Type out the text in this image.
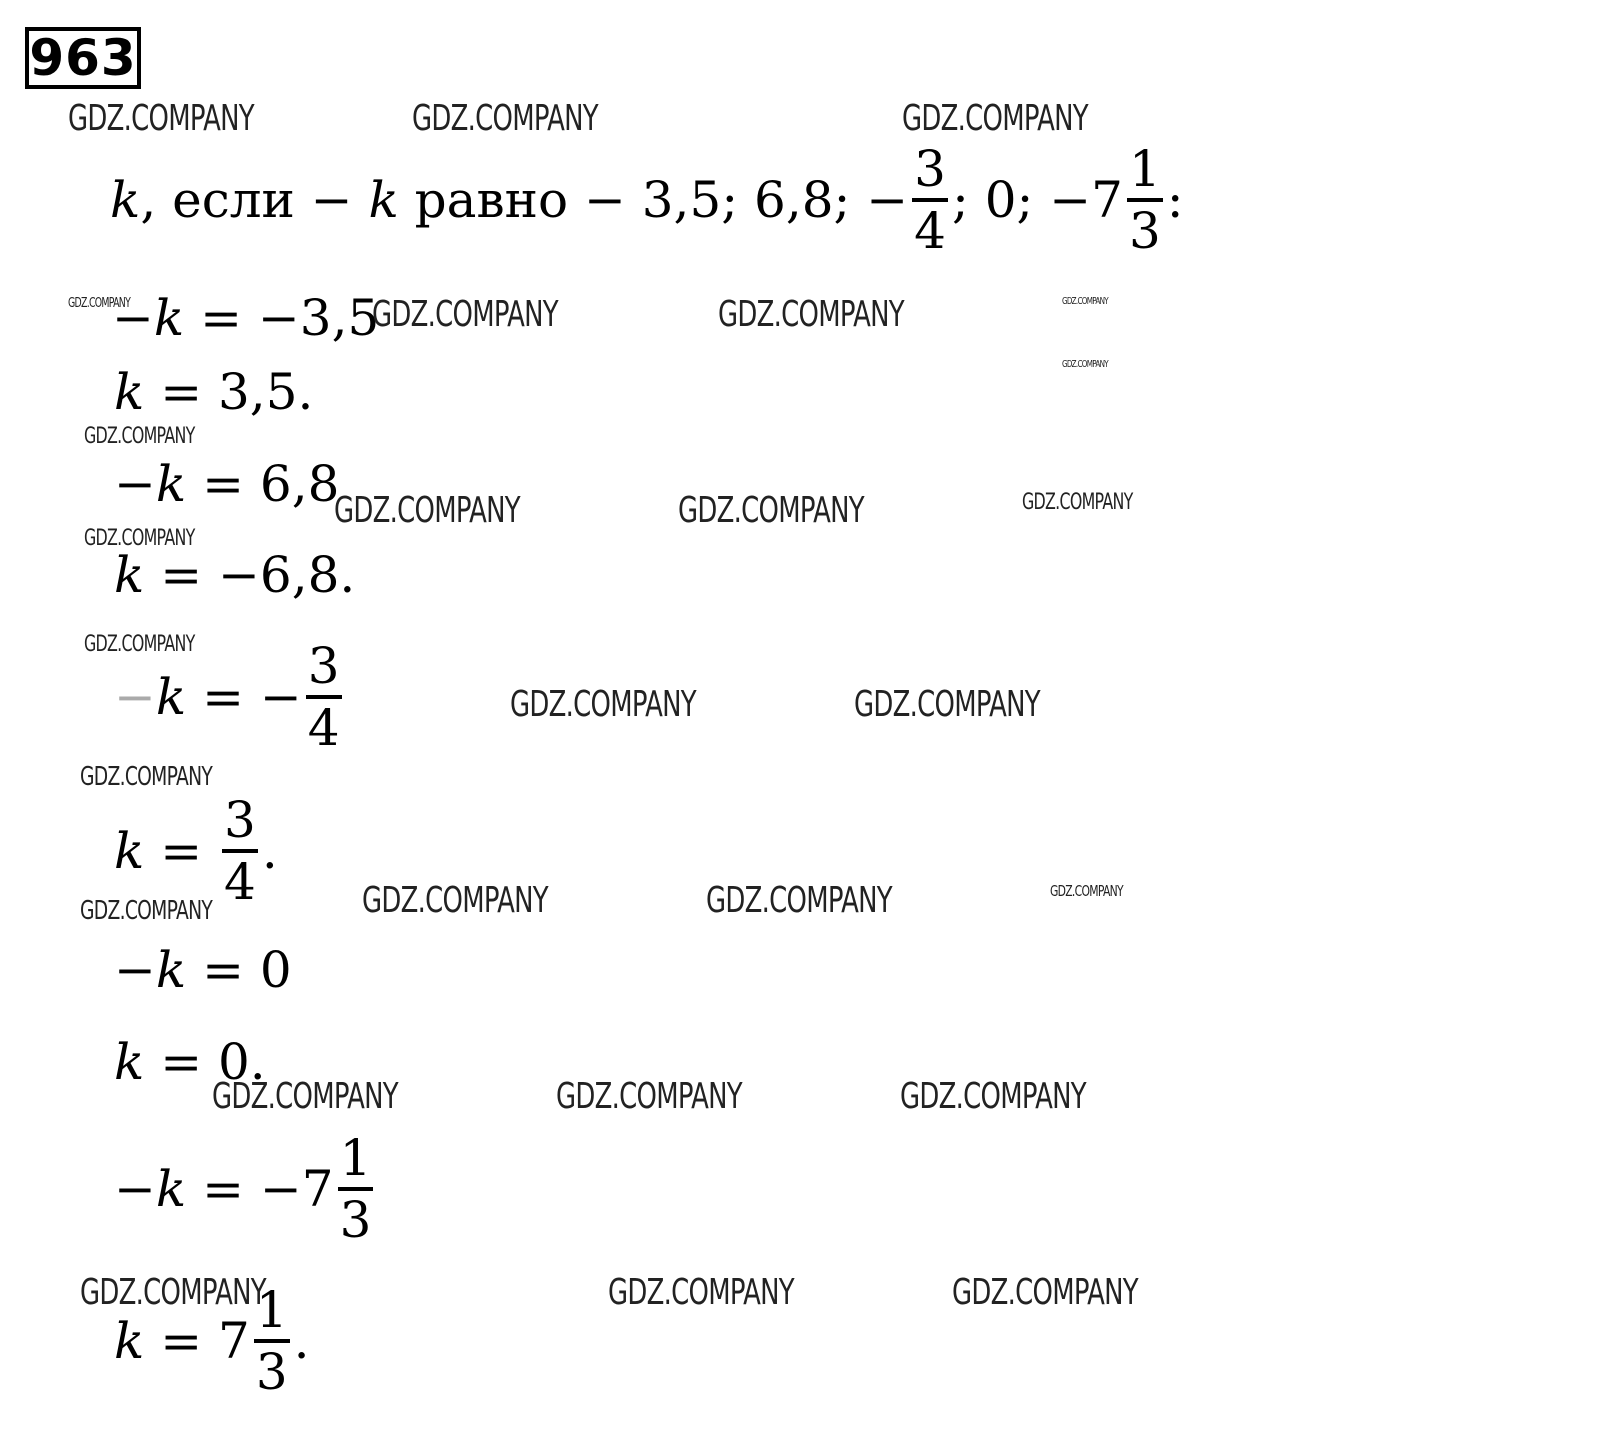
963
k , если − k равно − 3,5; 6,8; − $\frac{3}{4}$ ; 0; $-7 \frac{1}{3}$ :
− k = −3,5
k = 3,5.
− k = 6,8
k = −6,8.
− k = − $\frac{3}{4}$
$k = \frac{3}{4}$ .
− k = 0
k = 0.
− $k = -7 \frac{1}{3}$
$k = 7 \frac{1}{3}$ .
GDZ.COMPANY	GDZ.COMPANY	GDZ.COMPANY
GDZ.COMPANY	GDZ.COMPANY	GDZ.COMPANY	GDZ.COMPANY
GDZ.COMPANY
GDZ.COMPANY
GDZ.COMPANY	GDZ.COMPANY	GDZ.COMPANY
GDZ.COMPANY
GDZ.COMPANY
GDZ.COMPANY	GDZ.COMPANY
GDZ.COMPANY
GDZ.COMPANY	GDZ.COMPANY	GDZ.COMPANY	GDZ.COMPANY
GDZ.COMPANY	GDZ.COMPANY	GDZ.COMPANY
GDZ.COMPANY	GDZ.COMPANY	GDZ.COMPANY
